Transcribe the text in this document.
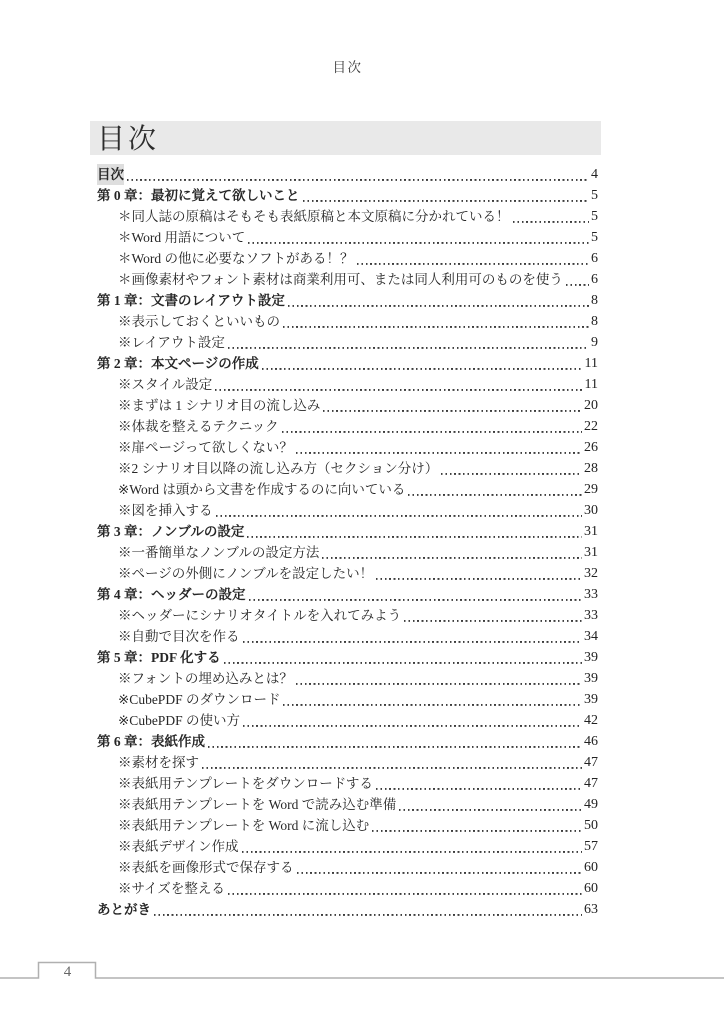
目次
目次
目次	4
第 0 章：最初に覚えて欲しいこと	5
＊同人誌の原稿はそもそも表紙原稿と本文原稿に分かれている！	5
＊Word 用語について	5
＊Word の他に必要なソフトがある！？	6
＊画像素材やフォント素材は商業利用可、または同人利用可のものを使う 6
第 1 章：文書のレイアウト設定	8
※表示しておくといいもの	8
※レイアウト設定	9
第 2 章：本文ページの作成	11
※スタイル設定	11
※まずは 1 シナリオ目の流し込み	20
※体裁を整えるテクニック	22
※扉ページって欲しくない？	26
※2 シナリオ目以降の流し込み方（セクション分け）	28
※Word は頭から文書を作成するのに向いている	29
※図を挿入する	30
第 3 章：ノンブルの設定	31
※一番簡単なノンブルの設定方法	31
※ページの外側にノンブルを設定したい！	32
第 4 章：ヘッダーの設定	33
※ヘッダーにシナリオタイトルを入れてみよう	33
※自動で目次を作る	34
第 5 章：PDF 化する	39
※フォントの埋め込みとは？	39
※CubePDF のダウンロード	39
※CubePDF の使い方	42
第 6 章：表紙作成	46
※素材を探す	47
※表紙用テンプレートをダウンロードする	47
※表紙用テンプレートを Word で読み込む準備	49
※表紙用テンプレートを Word に流し込む	50
※表紙デザイン作成	57
※表紙を画像形式で保存する	60
※サイズを整える	60
あとがき	63
4
